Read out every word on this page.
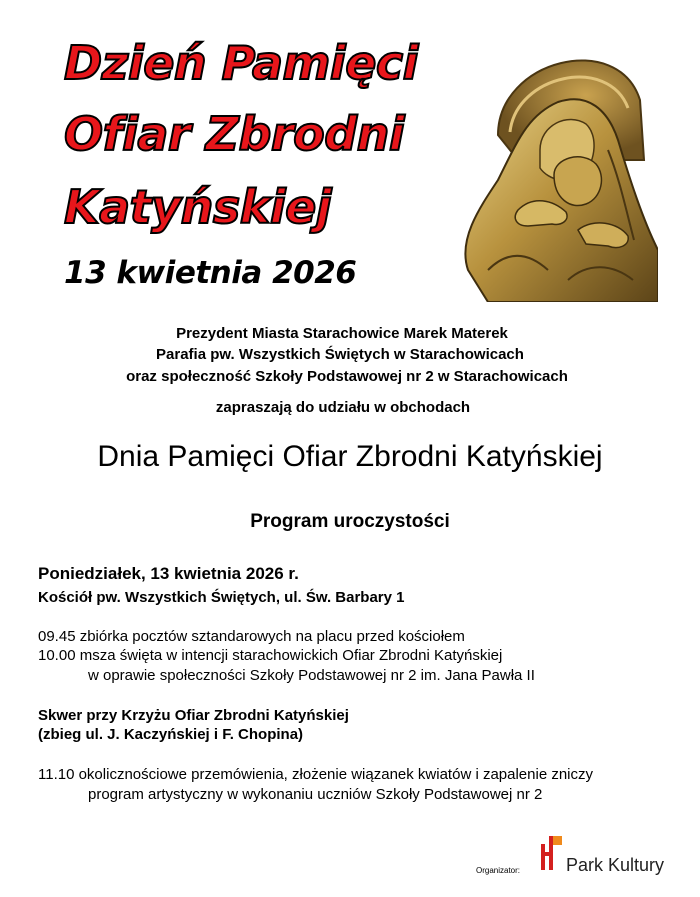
Dzień Pamięci
Ofiar Zbrodni
Katyńskiej
13 kwietnia 2026
Prezydent Miasta Starachowice Marek Materek
Parafia pw. Wszystkich Świętych w Starachowicach
oraz społeczność Szkoły Podstawowej nr 2 w Starachowicach
zapraszają do udziału w obchodach
Dnia Pamięci Ofiar Zbrodni Katyńskiej
Program uroczystości
Poniedziałek, 13 kwietnia 2026 r.
Kościół pw. Wszystkich Świętych, ul. Św. Barbary 1
09.45 zbiórka pocztów sztandarowych na placu przed kościołem
10.00 msza święta w intencji starachowickich Ofiar Zbrodni Katyńskiej
w oprawie społeczności Szkoły Podstawowej nr 2 im. Jana Pawła II
Skwer przy Krzyżu Ofiar Zbrodni Katyńskiej
(zbieg ul. J. Kaczyńskiej i F. Chopina)
11.10 okolicznościowe przemówienia, złożenie wiązanek kwiatów i zapalenie zniczy
program artystyczny w wykonaniu uczniów Szkoły Podstawowej nr 2
Organizator:	Park Kultury
